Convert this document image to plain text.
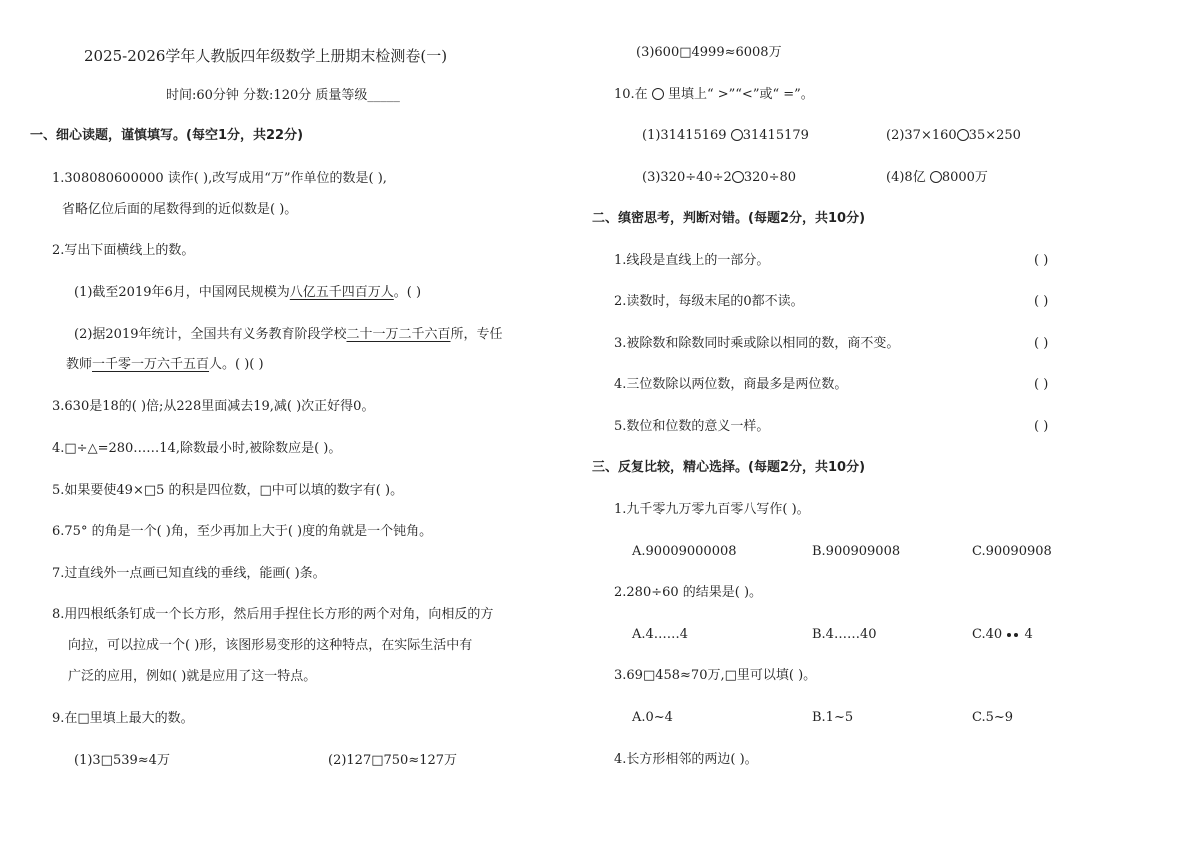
2025-2026学年人教版四年级数学上册期末检测卷(一)
时间:60分钟 分数:120分 质量等级_____
一、细心读题，谨慎填写。(每空1分，共22分)
1.308080600000 读作( ),改写成用“万”作单位的数是( ),
省略亿位后面的尾数得到的近似数是( )。
2.写出下面横线上的数。
(1)截至2019年6月，中国网民规模为八亿五千四百万人。( )
(2)据2019年统计，全国共有义务教育阶段学校二十一万二千六百所，专任
教师一千零一万六千五百人。( )( )
3.630是18的( )倍;从228里面减去19,减( )次正好得0。
4.□÷△=280……14,除数最小时,被除数应是( )。
5.如果要使49×□5 的积是四位数，□中可以填的数字有( )。
6.75° 的角是一个( )角，至少再加上大于( )度的角就是一个钝角。
7.过直线外一点画已知直线的垂线，能画( )条。
8.用四根纸条钉成一个长方形，然后用手捏住长方形的两个对角，向相反的方
向拉，可以拉成一个( )形，该图形易变形的这种特点，在实际生活中有
广泛的应用，例如( )就是应用了这一特点。
9.在□里填上最大的数。
(1)3□539≈4万	(2)127□750≈127万
(3)600□4999≈6008万
10.在 里填上“ >”“<”或“ =”。
(1)31415169 31415179	(2)37×160 35×250
(3)320÷40÷2 320÷80	(4)8亿 8000万
二、缜密思考，判断对错。(每题2分，共10分)
1.线段是直线上的一部分。	( )
2.读数时，每级末尾的0都不读。	( )
3.被除数和除数同时乘或除以相同的数，商不变。	( )
4.三位数除以两位数，商最多是两位数。	( )
5.数位和位数的意义一样。	( )
三、反复比较，精心选择。(每题2分，共10分)
1.九千零九万零九百零八写作( )。
A.90009000008	B.900909008	C.90090908
2.280÷60 的结果是( )。
A.4……4	B.4……40	C.40 4
3.69□458≈70万,□里可以填( )。
A.0~4	B.1~5	C.5~9
4.长方形相邻的两边( )。
